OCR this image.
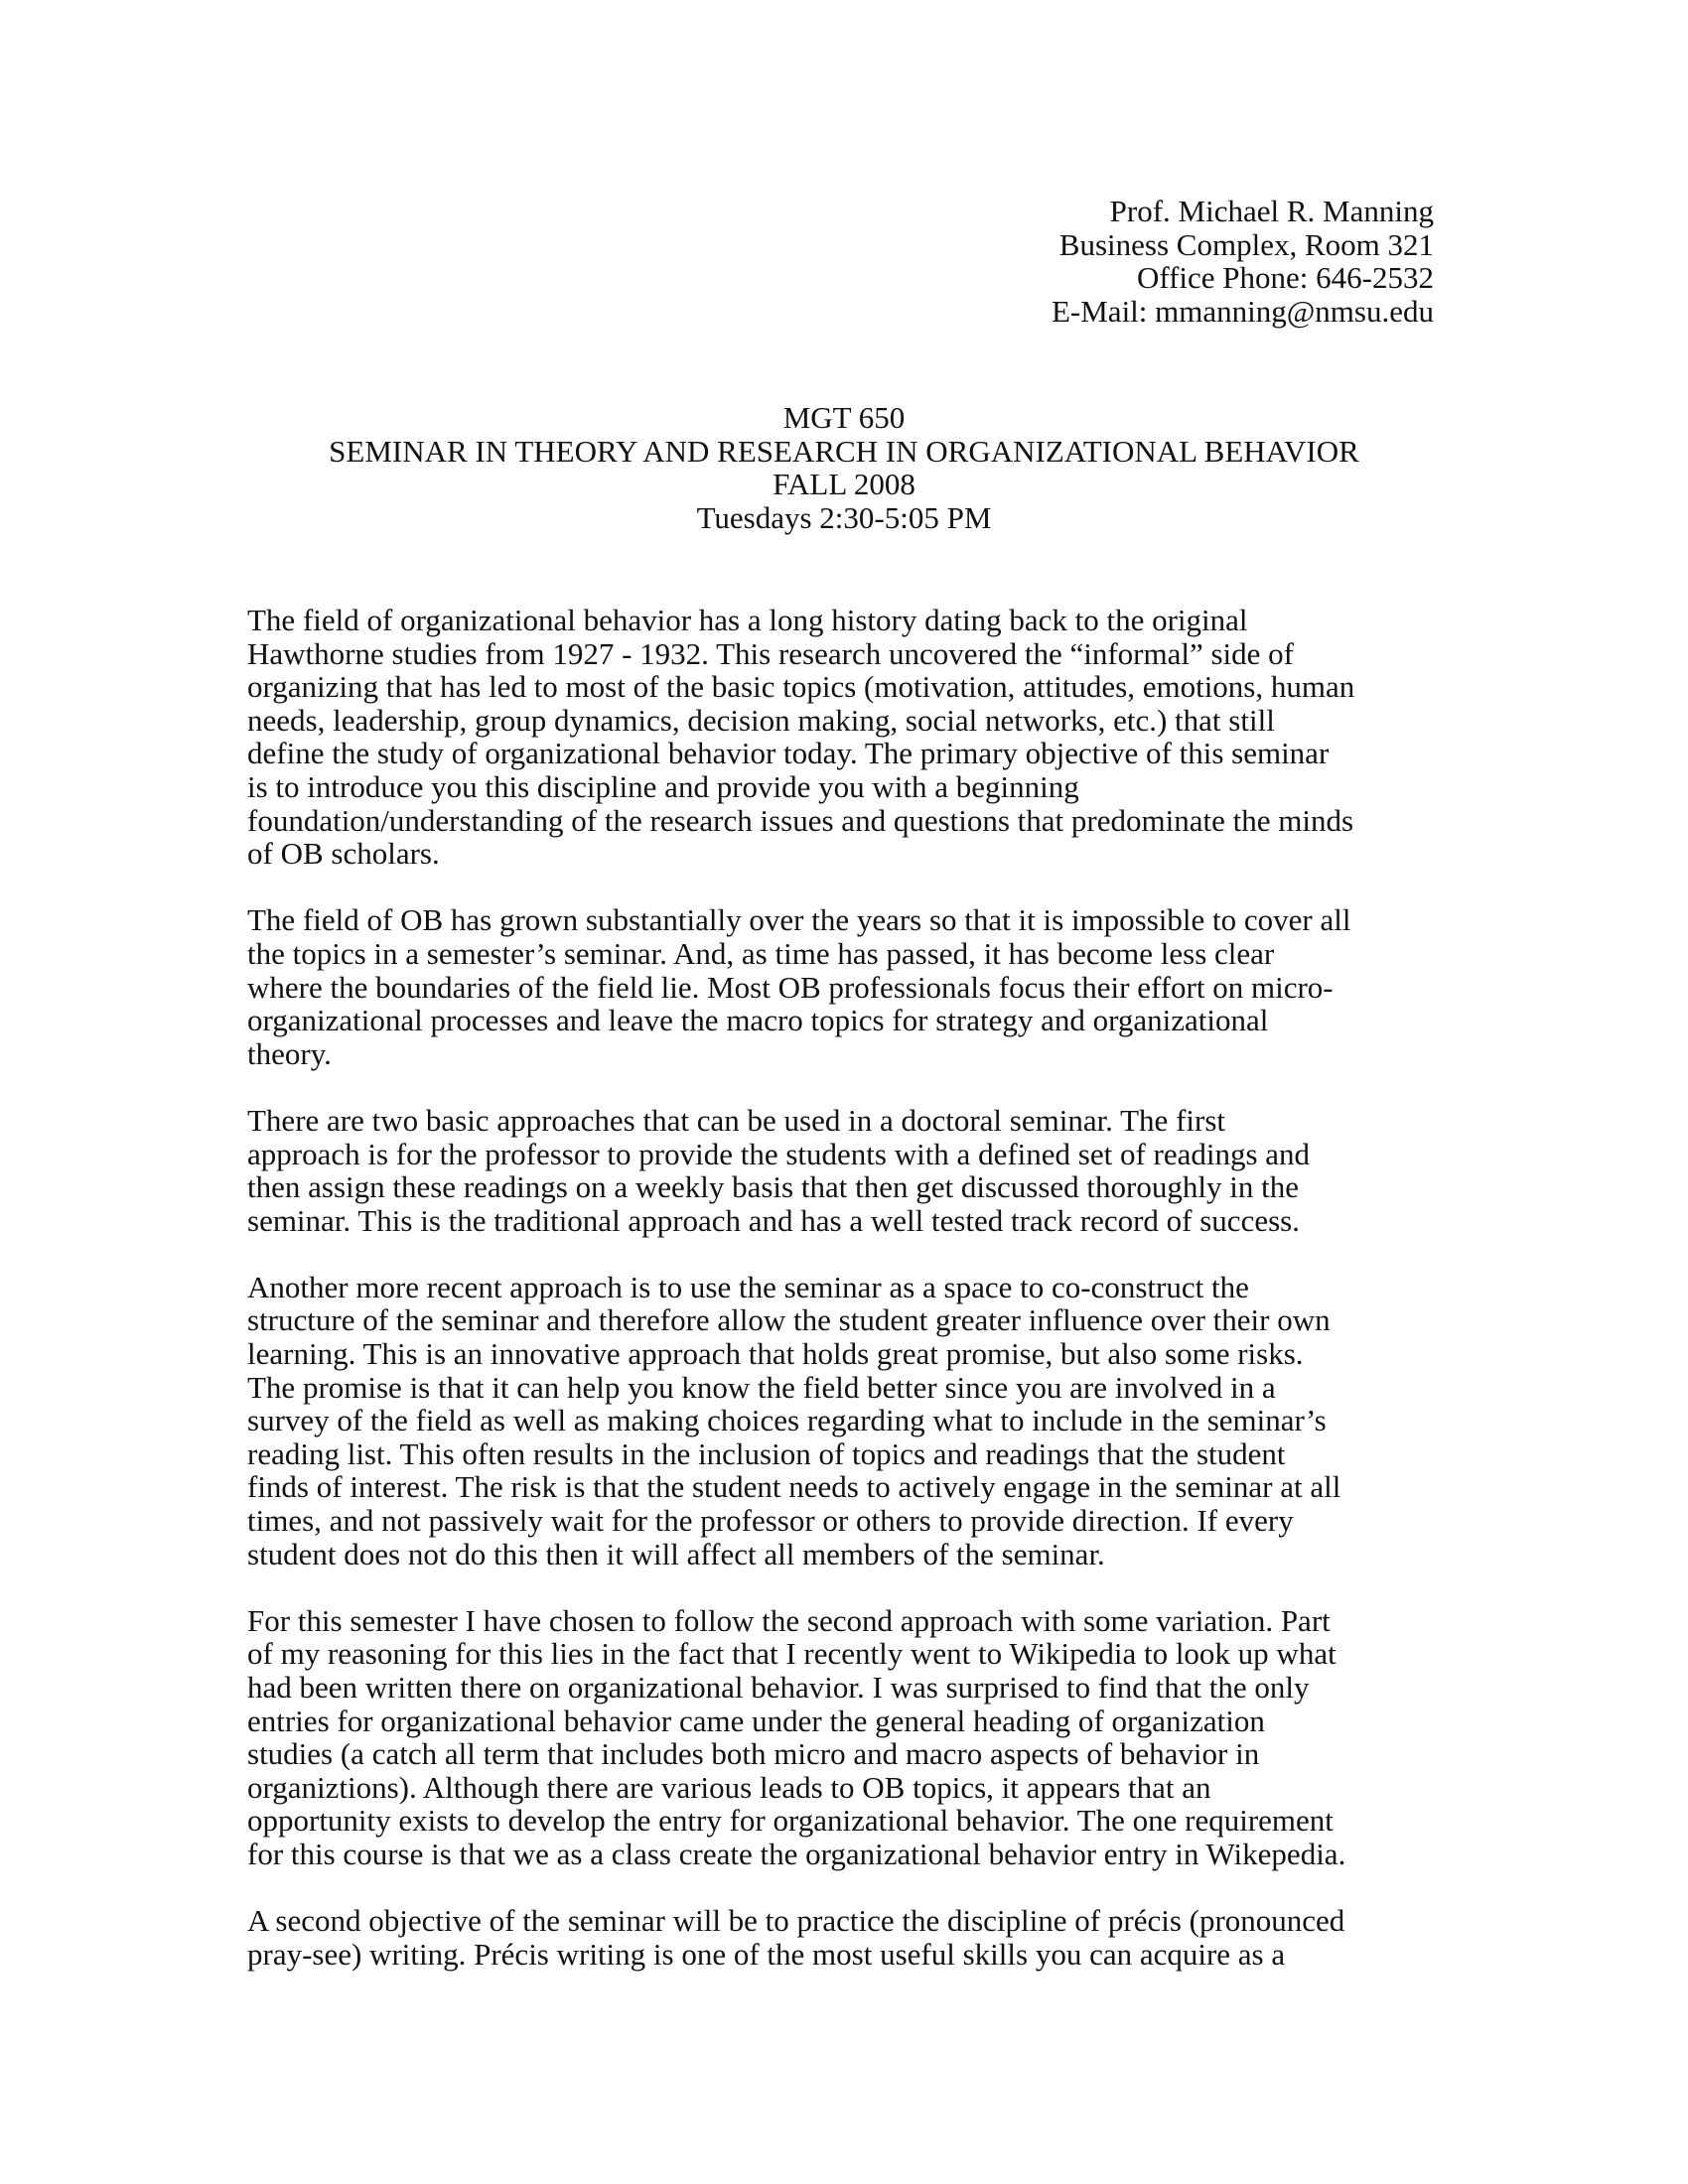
Prof. Michael R. Manning
Business Complex, Room 321
Office Phone: 646-2532
E-Mail: mmanning@nmsu.edu
MGT 650
SEMINAR IN THEORY AND RESEARCH IN ORGANIZATIONAL BEHAVIOR
FALL 2008
Tuesdays 2:30-5:05 PM

The field of organizational behavior has a long history dating back to the original
Hawthorne studies from 1927 - 1932. This research uncovered the “informal” side of
organizing that has led to most of the basic topics (motivation, attitudes, emotions, human
needs, leadership, group dynamics, decision making, social networks, etc.) that still
define the study of organizational behavior today. The primary objective of this seminar
is to introduce you this discipline and provide you with a beginning
foundation/understanding of the research issues and questions that predominate the minds
of OB scholars.

The field of OB has grown substantially over the years so that it is impossible to cover all
the topics in a semester’s seminar. And, as time has passed, it has become less clear
where the boundaries of the field lie. Most OB professionals focus their effort on micro-
organizational processes and leave the macro topics for strategy and organizational
theory.

There are two basic approaches that can be used in a doctoral seminar. The first
approach is for the professor to provide the students with a defined set of readings and
then assign these readings on a weekly basis that then get discussed thoroughly in the
seminar. This is the traditional approach and has a well tested track record of success.

Another more recent approach is to use the seminar as a space to co-construct the
structure of the seminar and therefore allow the student greater influence over their own
learning. This is an innovative approach that holds great promise, but also some risks.
The promise is that it can help you know the field better since you are involved in a
survey of the field as well as making choices regarding what to include in the seminar’s
reading list. This often results in the inclusion of topics and readings that the student
finds of interest. The risk is that the student needs to actively engage in the seminar at all
times, and not passively wait for the professor or others to provide direction. If every
student does not do this then it will affect all members of the seminar.

For this semester I have chosen to follow the second approach with some variation. Part
of my reasoning for this lies in the fact that I recently went to Wikipedia to look up what
had been written there on organizational behavior. I was surprised to find that the only
entries for organizational behavior came under the general heading of organization
studies (a catch all term that includes both micro and macro aspects of behavior in
organiztions). Although there are various leads to OB topics, it appears that an
opportunity exists to develop the entry for organizational behavior. The one requirement
for this course is that we as a class create the organizational behavior entry in Wikepedia.

A second objective of the seminar will be to practice the discipline of précis (pronounced
pray-see) writing. Précis writing is one of the most useful skills you can acquire as a
